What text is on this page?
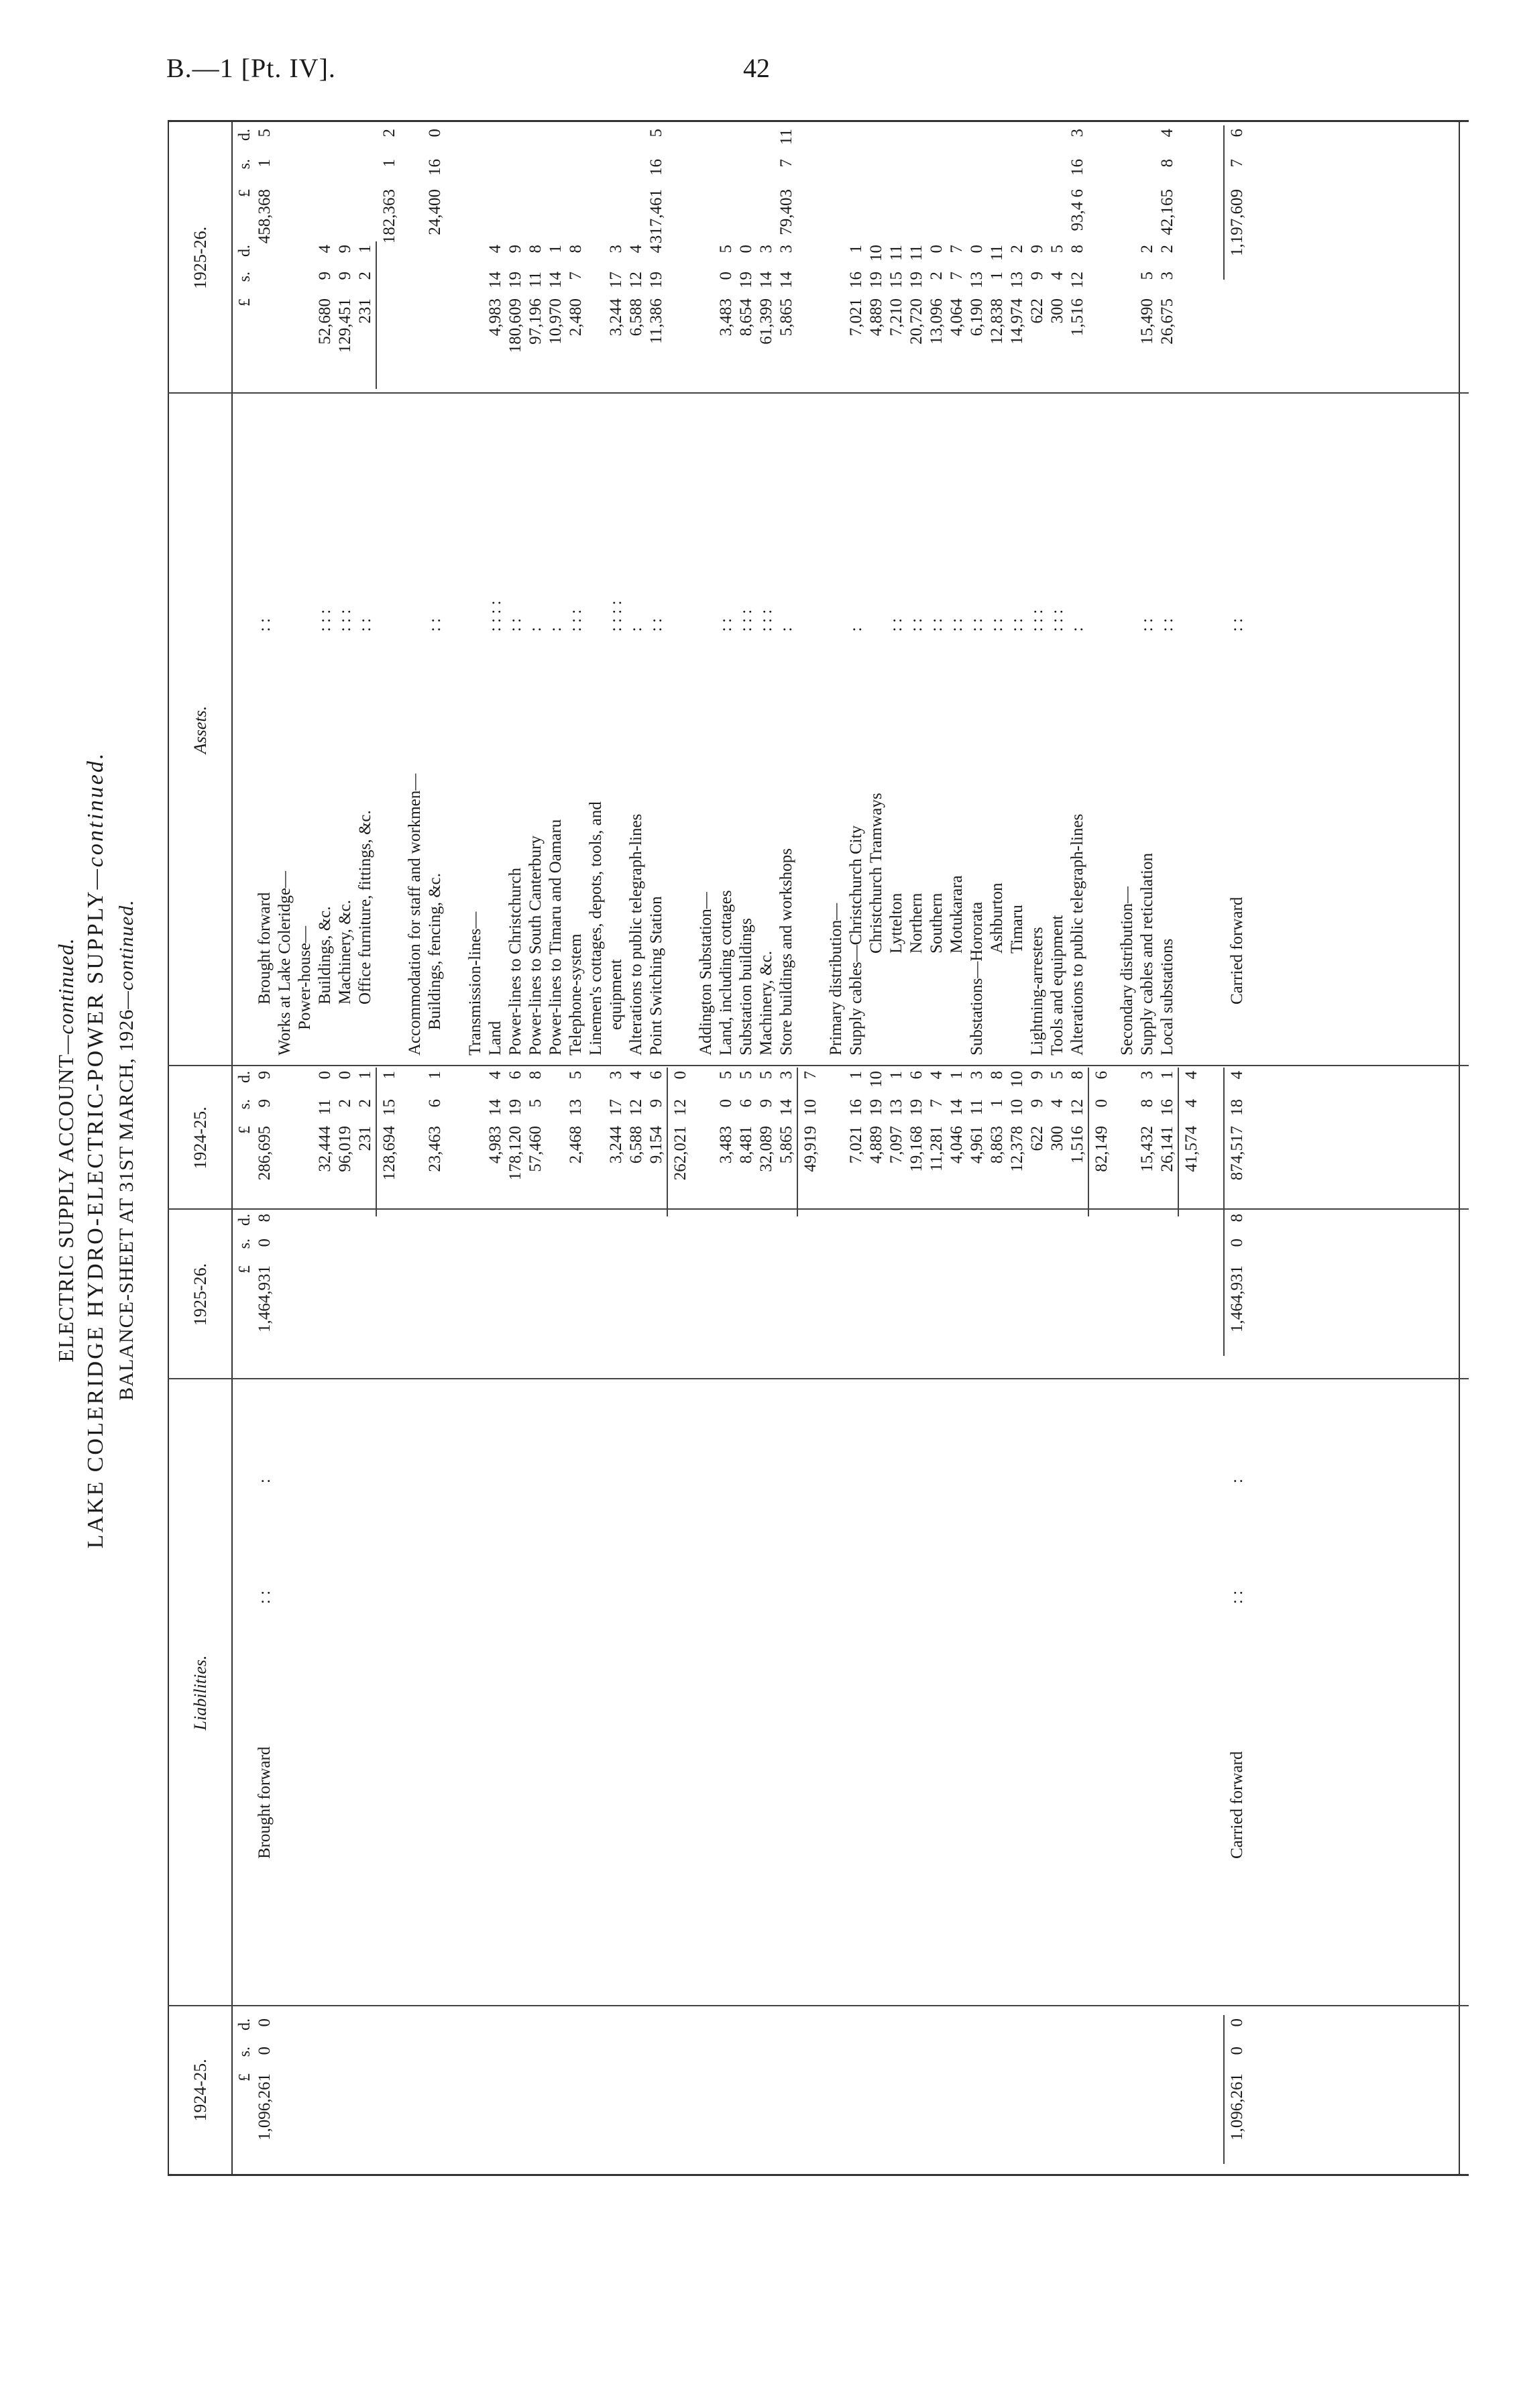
B.—1 [Pt. IV].	42
ELECTRIC SUPPLY ACCOUNT—continued. LAKE COLERIDGE HYDRO-ELECTRIC-POWER SUPPLY—continued.
BALANCE-SHEET AT 31ST MARCH, 1926—continued.
1924-25.
Liabilities.
1925-26.
1924-25.
Assets.
1925-26.
£
s.
d.
£
s.
d.
£
s.
d.
£
s.
d.
£
s.
d.
Brought forward
: :
1,096,261
0
0
1,464,931
0
8
:
Brought forward
: :
286,695
9
9
458,368
1
5
Works at Lake Coleridge— Power-house— Buildings, &c.
: : :
32,444
11
0
52,680
9
4
Machinery, &c.
: : :
96,019
2
0
129,451
9
9
Office furniture, fittings, &c.
: :
231
2
1
231
2
1
128,694
15
1
182,363
1
2
Accommodation for staff and workmen— Buildings, fencing, &c.
: :
23,463
6
1
24,400
16
0
Transmission-lines— Land
: : : :
4,983
14
4
4,983
14
4
Power-lines to Christchurch
: :
178,120
19
6
180,609
19
9
Power-lines to South Canterbury
:
57,460
5
8
97,196
11
8
Power-lines to Timaru and Oamaru
:
10,970
14
1
Telephone-system
: : :
2,468
13
5
2,480
7
8
Linemen's cottages, depots, tools, and equipment
: : : :
3,244
17
3
3,244
17
3
Alterations to public telegraph-lines
:
6,588
12
4
6,588
12
4
Point Switching Station
: :
9,154
9
6
11,386
19
4
317,461
16
5
262,021
12
0
Addington Substation— Land, including cottages
: :
3,483
0
5
3,483
0
5
Substation buildings
: : :
8,481
6
5
8,654
19
0
Machinery, &c.
: : :
32,089
9
5
61,399
14
3
Store buildings and workshops
:
5,865
14
3
5,865
14
3
79,403
7
11
49,919
10
7
Primary distribution— Supply cables—Christchurch City
:
7,021
16
1
7,021
16
1
Christchurch Tramways
4,889
19
10
4,889
19
10
Lyttelton
: :
7,097
13
1
7,210
15
11
Northern
: :
19,168
19
6
20,720
19
11
Southern
: :
11,281
7
4
13,096
2
0
Motukarara
: :
4,046
14
1
4,064
7
7
Substations—Hororata
: :
4,961
11
3
6,190
13
0
Ashburton
: :
8,863
1
8
12,838
1
11
Timaru
: :
12,378
10
10
14,974
13
2
Lightning-arresters
: : :
622
9
9
622
9
9
Tools and equipment
: : :
300
4
5
300
4
5
Alterations to public telegraph-lines
:
1,516
12
8
1,516
12
8
93,4 6
16
3
82,149
0
6
Secondary distribution— Supply cables and reticulation
: :
15,432
8
3
15,490
5
2
Local substations
: :
26,141
16
1
26,675
3
2
42,165
8
4
41,574
4
4
Carried forward
: :
874,517
18
4
1,197,609
7
6
Carried forward
: :
:
1,096,261
0
0
1,464,931
0
8
